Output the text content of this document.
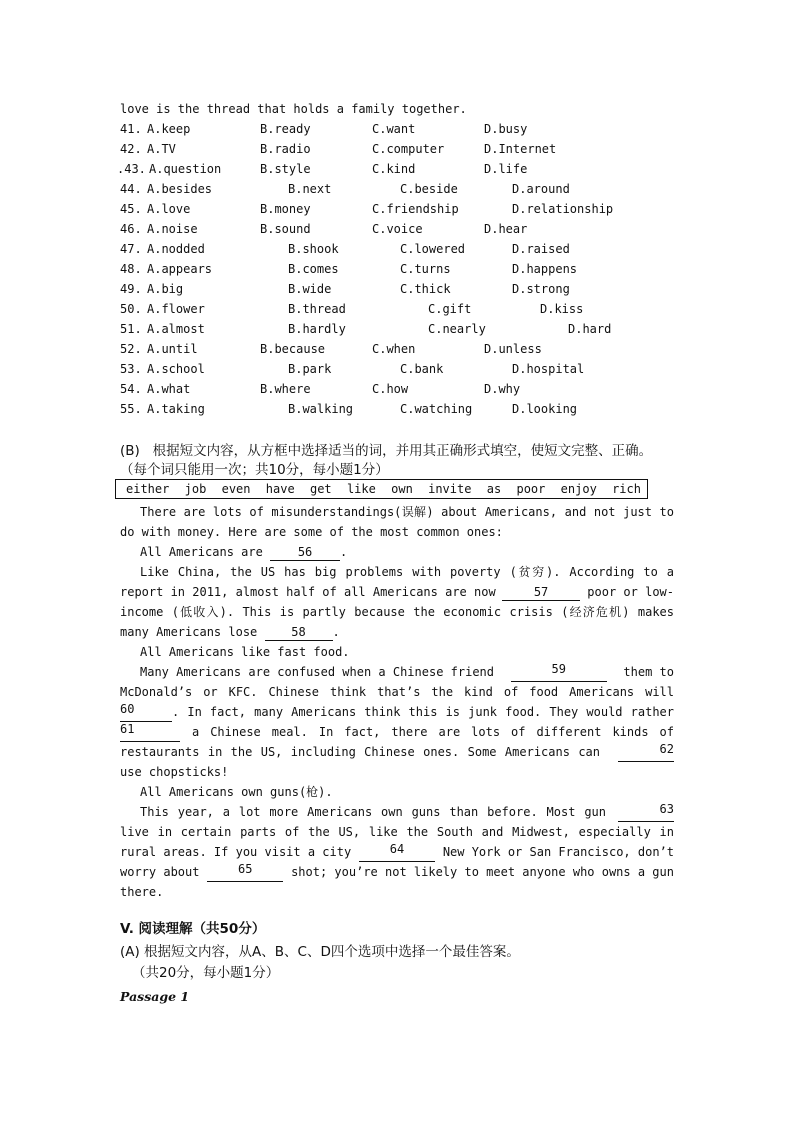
love is the thread that holds a family together.
41. A.keep	B.ready	C.want	D.busy
42. A.TV	B.radio	C.computer	D.Internet
.43. A.question	B.style	C.kind	D.life
44. A.besides	B.next	C.beside	D.around
45. A.love	B.money	C.friendship	D.relationship
46. A.noise	B.sound	C.voice	D.hear
47. A.nodded	B.shook	C.lowered	D.raised
48. A.appears	B.comes	C.turns	D.happens
49. A.big	B.wide	C.thick	D.strong
50. A.flower	B.thread	C.gift	D.kiss
51. A.almost	B.hardly	C.nearly	D.hard
52. A.until	B.because	C.when	D.unless
53. A.school	B.park	C.bank	D.hospital
54. A.what	B.where	C.how	D.why
55. A.taking	B.walking	C.watching	D.looking
(B)   根据短文内容，从方框中选择适当的词，并用其正确形式填空，使短文完整、正确。
（每个词只能用一次；共10分，每小题1分）
either job even have get like own invite as poor enjoy rich
There are lots of misunderstandings(误解) about Americans, and not just to
do with money. Here are some of the most common ones:
All Americans are 56 .
Like China, the US has big problems with poverty (贫穷). According to a
report in 2011, almost half of all Americans are now	57	poor or low-
income (低收入). This is partly because the economic crisis (经济危机) makes
many Americans lose 58 .
All Americans like fast food.
Many Americans are confused when a Chinese friend	59	them to
McDonald’s or KFC. Chinese think that’s the kind of food Americans will
60	. In fact, many Americans think this is junk food. They would rather
61	a Chinese meal. In fact, there are lots of different kinds of
restaurants in the US, including Chinese ones. Some Americans can	62
use chopsticks!
All Americans own guns(枪).
This year, a lot more Americans own guns than before. Most gun	63
live in certain parts of the US, like the South and Midwest, especially in
rural areas. If you visit a city	64	New York or San Francisco, don’t
worry about	65	shot; you’re not likely to meet anyone who owns a gun
there.
V. 阅读理解（共50分）
(A) 根据短文内容，从A、B、C、D四个选项中选择一个最佳答案。
（共20分，每小题1分）
Passage 1
